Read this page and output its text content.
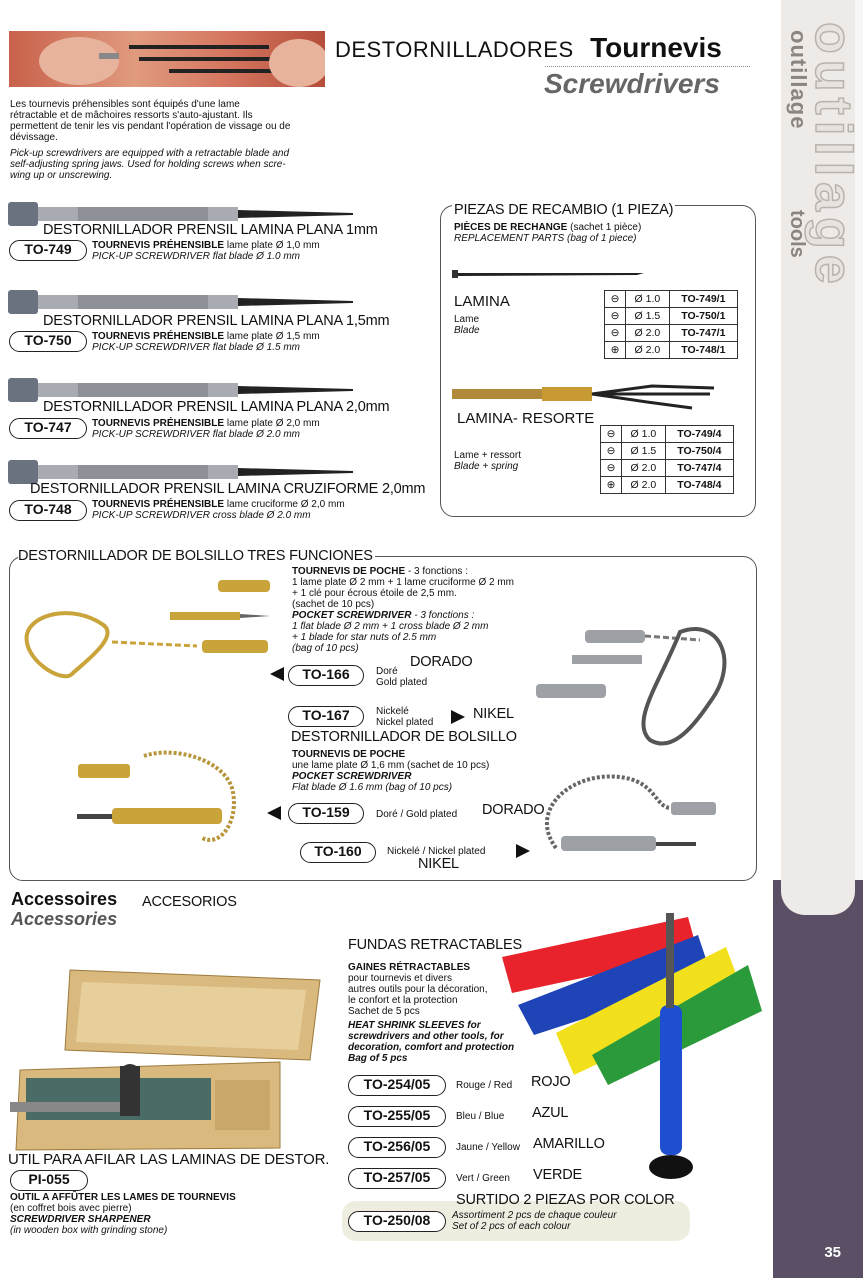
outillage
outillage
tools
35
DESTORNILLADORES Tournevis
Screwdrivers
Les tournevis préhensibles sont équipés d'une lame
rétractable et de mâchoires ressorts s'auto-ajustant. Ils
permettent de tenir les vis pendant l'opération de vissage ou de
dévissage.
Pick-up screwdrivers are equipped with a retractable blade and
self-adjusting spring jaws. Used for holding screws when scre-
wing up or unscrewing.
DESTORNILLADOR PRENSIL LAMINA PLANA 1mm
TO-749	TOURNEVIS PRÉHENSIBLE lame plate Ø 1,0 mm
PICK-UP SCREWDRIVER flat blade Ø 1.0 mm
DESTORNILLADOR PRENSIL LAMINA PLANA 1,5mm
TO-750	TOURNEVIS PRÉHENSIBLE lame plate Ø 1,5 mm
PICK-UP SCREWDRIVER flat blade Ø 1.5 mm
DESTORNILLADOR PRENSIL LAMINA PLANA 2,0mm
TO-747	TOURNEVIS PRÉHENSIBLE lame plate Ø 2,0 mm
PICK-UP SCREWDRIVER flat blade Ø 2.0 mm
DESTORNILLADOR PRENSIL LAMINA CRUZIFORME 2,0mm
TO-748	TOURNEVIS PRÉHENSIBLE lame cruciforme Ø 2,0 mm
PICK-UP SCREWDRIVER cross blade Ø 2.0 mm
PIEZAS DE RECAMBIO (1 PIEZA)
PIÈCES DE RECHANGE (sachet 1 pièce)
REPLACEMENT PARTS (bag of 1 piece)
LAMINA
Lame
Blade
⊖	Ø 1.0	TO-749/1
⊖	Ø 1.5	TO-750/1
⊖	Ø 2.0	TO-747/1
⊕	Ø 2.0	TO-748/1
LAMINA- RESORTE
Lame + ressort
Blade + spring
⊖	Ø 1.0	TO-749/4
⊖	Ø 1.5	TO-750/4
⊖	Ø 2.0	TO-747/4
⊕	Ø 2.0	TO-748/4
DESTORNILLADOR DE BOLSILLO TRES FUNCIONES
TOURNEVIS DE POCHE - 3 fonctions :
1 lame plate Ø 2 mm + 1 lame cruciforme Ø 2 mm
+ 1 clé pour écrous étoile de 2,5 mm.
(sachet de 10 pcs)
POCKET SCREWDRIVER - 3 fonctions :
1 flat blade Ø 2 mm + 1 cross blade Ø 2 mm
+ 1 blade for star nuts of 2.5 mm
(bag of 10 pcs)
TO-166	Doré
Gold plated
DORADO
TO-167	Nickelé
Nickel plated
NIKEL
DESTORNILLADOR DE BOLSILLO
TOURNEVIS DE POCHE
une lame plate Ø 1,6 mm (sachet de 10 pcs)
POCKET SCREWDRIVER
Flat blade Ø 1.6 mm (bag of 10 pcs)
TO-159	Doré / Gold plated DORADO
TO-160	Nickelé / Nickel plated
NIKEL
Accessoires
Accessories
ACCESORIOS
UTIL PARA AFILAR LAS LAMINAS DE DESTOR.
PI-055
OUTIL A AFFÛTER LES LAMES DE TOURNEVIS
(en coffret bois avec pierre)
SCREWDRIVER SHARPENER
(in wooden box with grinding stone)
FUNDAS RETRACTABLES
GAINES RÉTRACTABLES
pour tournevis et divers
autres outils pour la décoration,
le confort et la protection
Sachet de 5 pcs
HEAT SHRINK SLEEVES for
screwdrivers and other tools, for
decoration, comfort and protection
Bag of 5 pcs
TO-254/05	Rouge / Red ROJO
TO-255/05	Bleu / Blue AZUL
TO-256/05	Jaune / Yellow AMARILLO
TO-257/05	Vert / Green VERDE
SURTIDO 2 PIEZAS POR COLOR
TO-250/08	Assortiment 2 pcs de chaque couleur
Set of 2 pcs of each colour
